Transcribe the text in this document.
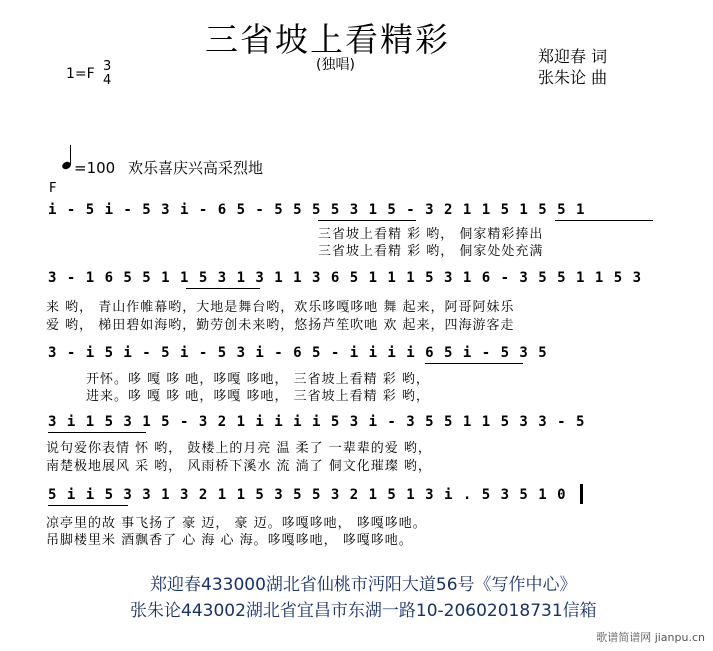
三省坡上看精彩
(独唱)	郑迎春 词
张朱论 曲
1=F 3
4
=100 欢乐喜庆兴高采烈地
F
i - 5 i - 5 3 i - 6 5 - 5 5 5 5 3 1 5 - 3 2 1 1 5 1 5 5 1
三省坡上看精 彩 哟， 侗家精彩捧出
三省坡上看精 彩 哟， 侗家处处充满
3 - 1 6 5 5 1 1 5 3 1 3 1 1 3 6 5 1 1 1 5 3 1 6 - 3 5 5 1 1 5 3
来 哟， 青山作帷幕哟，大地是舞台哟，欢乐哆嘎哆吔 舞 起来，阿哥阿妹乐
爱 哟， 梯田碧如海哟，勤劳创未来哟，悠扬芦笙吹吔 欢 起来，四海游客走
3 - i 5 i - 5 i - 5 3 i - 6 5 - i i i i 6 5 i - 5 3 5
开怀。哆 嘎 哆 吔，哆嘎 哆吔， 三省坡上看精 彩 哟，
进来。哆 嘎 哆 吔，哆嘎 哆吔， 三省坡上看精 彩 哟，
3 i 1 5 3 1 5 - 3 2 1 i i i i 5 3 i - 3 5 5 1 1 5 3 3 - 5
说句爱你表情 怀 哟， 鼓楼上的月亮 温 柔了 一辈辈的爱 哟，
南楚极地展风 采 哟， 风雨桥下溪水 流 淌了 侗文化璀璨 哟，
5 i i 5 3 3 1 3 2 1 1 5 3 5 5 3 2 1 5 1 3 i . 5 3 5 1 0
凉亭里的故 事飞扬了 豪 迈， 豪 迈。哆嘎哆吔， 哆嘎哆吔。
吊脚楼里米 酒飘香了 心 海 心 海。哆嘎哆吔， 哆嘎哆吔。
郑迎春433000湖北省仙桃市沔阳大道56号《写作中心》
张朱论443002湖北省宜昌市东湖一路10-20602018731信箱
歌谱简谱网 jianpu.cn
